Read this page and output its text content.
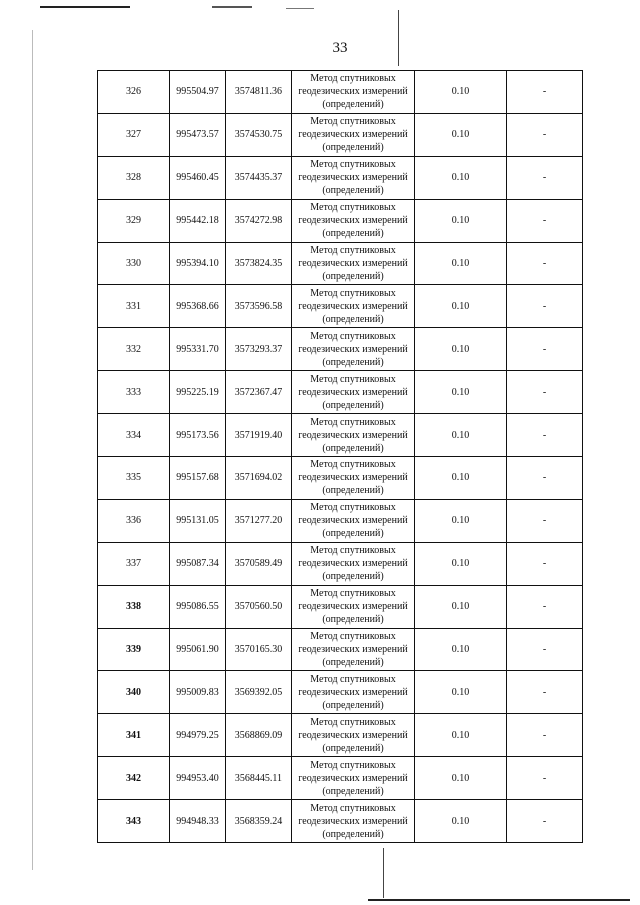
33
326	995504.97	3574811.36	Метод спутниковых
геодезических измерений
(определений)	0.10	-
327	995473.57	3574530.75	Метод спутниковых
геодезических измерений
(определений)	0.10	-
328	995460.45	3574435.37	Метод спутниковых
геодезических измерений
(определений)	0.10	-
329	995442.18	3574272.98	Метод спутниковых
геодезических измерений
(определений)	0.10	-
330	995394.10	3573824.35	Метод спутниковых
геодезических измерений
(определений)	0.10	-
331	995368.66	3573596.58	Метод спутниковых
геодезических измерений
(определений)	0.10	-
332	995331.70	3573293.37	Метод спутниковых
геодезических измерений
(определений)	0.10	-
333	995225.19	3572367.47	Метод спутниковых
геодезических измерений
(определений)	0.10	-
334	995173.56	3571919.40	Метод спутниковых
геодезических измерений
(определений)	0.10	-
335	995157.68	3571694.02	Метод спутниковых
геодезических измерений
(определений)	0.10	-
336	995131.05	3571277.20	Метод спутниковых
геодезических измерений
(определений)	0.10	-
337	995087.34	3570589.49	Метод спутниковых
геодезических измерений
(определений)	0.10	-
338	995086.55	3570560.50	Метод спутниковых
геодезических измерений
(определений)	0.10	-
339	995061.90	3570165.30	Метод спутниковых
геодезических измерений
(определений)	0.10	-
340	995009.83	3569392.05	Метод спутниковых
геодезических измерений
(определений)	0.10	-
341	994979.25	3568869.09	Метод спутниковых
геодезических измерений
(определений)	0.10	-
342	994953.40	3568445.11	Метод спутниковых
геодезических измерений
(определений)	0.10	-
343	994948.33	3568359.24	Метод спутниковых
геодезических измерений
(определений)	0.10	-
